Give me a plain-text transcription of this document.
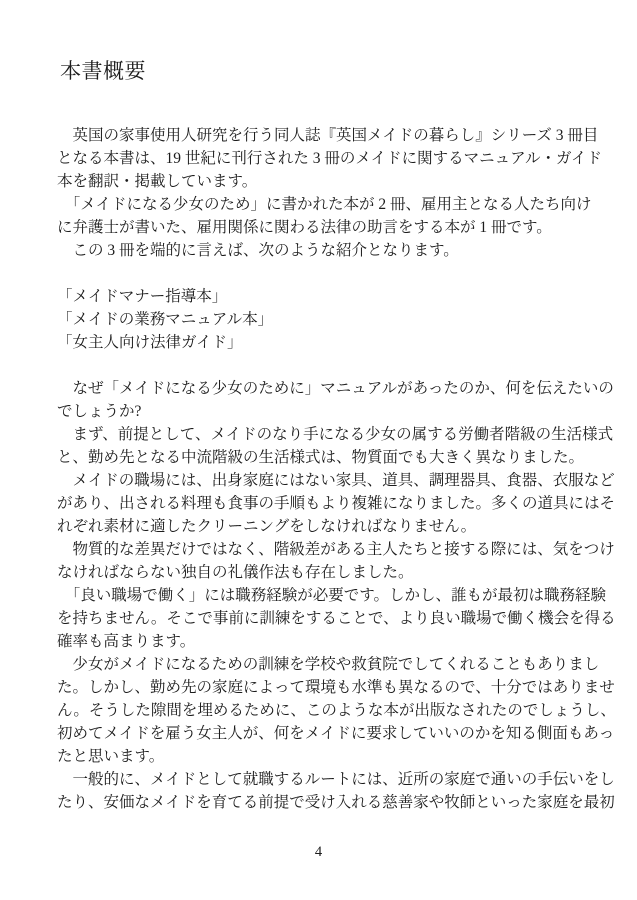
本書概要
　英国の家事使用人研究を行う同人誌『英国メイドの暮らし』シリーズ 3 冊目
となる本書は、19 世紀に刊行された 3 冊のメイドに関するマニュアル・ガイド
本を翻訳・掲載しています。
　「メイドになる少女のため」に書かれた本が 2 冊、雇用主となる人たち向け
に弁護士が書いた、雇用関係に関わる法律の助言をする本が 1 冊です。
　この 3 冊を端的に言えば、次のような紹介となります。

「メイドマナー指導本」
「メイドの業務マニュアル本」
「女主人向け法律ガイド」

　なぜ「メイドになる少女のために」マニュアルがあったのか、何を伝えたいの
でしょうか?
　まず、前提として、メイドのなり手になる少女の属する労働者階級の生活様式
と、勤め先となる中流階級の生活様式は、物質面でも大きく異なりました。
　メイドの職場には、出身家庭にはない家具、道具、調理器具、食器、衣服など
があり、出される料理も食事の手順もより複雑になりました。多くの道具にはそ
れぞれ素材に適したクリーニングをしなければなりません。
　物質的な差異だけではなく、階級差がある主人たちと接する際には、気をつけ
なければならない独自の礼儀作法も存在しました。
　「良い職場で働く」には職務経験が必要です。しかし、誰もが最初は職務経験
を持ちません。そこで事前に訓練をすることで、より良い職場で働く機会を得る
確率も高まります。
　少女がメイドになるための訓練を学校や救貧院でしてくれることもありまし
た。しかし、勤め先の家庭によって環境も水準も異なるので、十分ではありませ
ん。そうした隙間を埋めるために、このような本が出版なされたのでしょうし、
初めてメイドを雇う女主人が、何をメイドに要求していいのかを知る側面もあっ
たと思います。
　一般的に、メイドとして就職するルートには、近所の家庭で通いの手伝いをし
たり、安価なメイドを育てる前提で受け入れる慈善家や牧師といった家庭を最初
4
